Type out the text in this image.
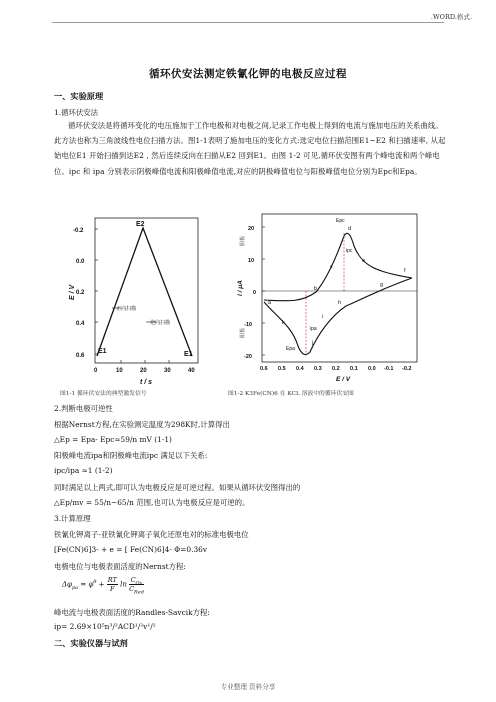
.WORD.格式.
循环伏安法测定铁氰化钾的电极反应过程
一、实验原理
1.循环伏安法
循环伏安法是将循环变化的电压施加于工作电极和对电极之间,记录工作电极上得到的电流与施加电压的关系曲线。此方法也称为三角波线性电位扫描方法。图1-1表明了施加电压的变化方式:选定电位扫描范围E1~E2 和扫描速率, 从起始电位E1 开始扫描到达E2 , 然后连续反向在扫描从E2 回到E1。由图 1-2 可见,循环伏安图有两个峰电流和两个峰电位。ipc 和 ipa 分别表示阴极峰值电流和阳极峰值电流,对应的阴极峰值电位与阳极峰值电位分别为Epc和Epa。
-0.2
0.0
0.2
0.4
0.6
0	10	20	30	40
E / V
t / s
E2
E1	E1
正向扫描
逆向扫描
20
10
0
-10
-20
0.6 0.5 0.4 0.3 0.2 0.1 0.0 -0.1 -0.2
I / μA
E / V
阴极
阳极
a
b
c
d
e
f
g
h
i
j
k
Epc
ipc
ipa
Epa
图1-1 循环伏安法的典型激发信号	图1-2 K3Fe(CN)6 在 KCL 溶液中的循环伏安图
2.判断电极可逆性
根据Nernst方程,在实验测定温度为298K时,计算得出
△Ep = Epa- Epc≈59/n mV (1-1)
阳极峰电流ipa和阴极峰电流ipc 满足以下关系:
ipc/ipa ≈1 (1-2)
同时满足以上两式,即可认为电极反应是可逆过程。如果从循环伏安图得出的
△Ep/mv = 55/n~65/n 范围,也可认为电极反应是可逆的。
3.计算原理
铁氰化钾离子-亚铁氰化钾离子氧化还原电对的标准电极电位
[Fe(CN)6]3- + e = [ Fe(CN)6]4- Φ=0.36v
电极电位与电极表面活度的Nernst方程:
$\Delta\varphi_{pa} = \varphi^\theta + \frac{RT}{F}$ ln
$C_{Ox}$
$C_{Red}$
峰电流与电极表面活度的Randles-Savcik方程:
ip= 2.69×10⁵n³/²ACD¹/²v¹/²
二、实验仪器与试剂
专业整理 资料分享
